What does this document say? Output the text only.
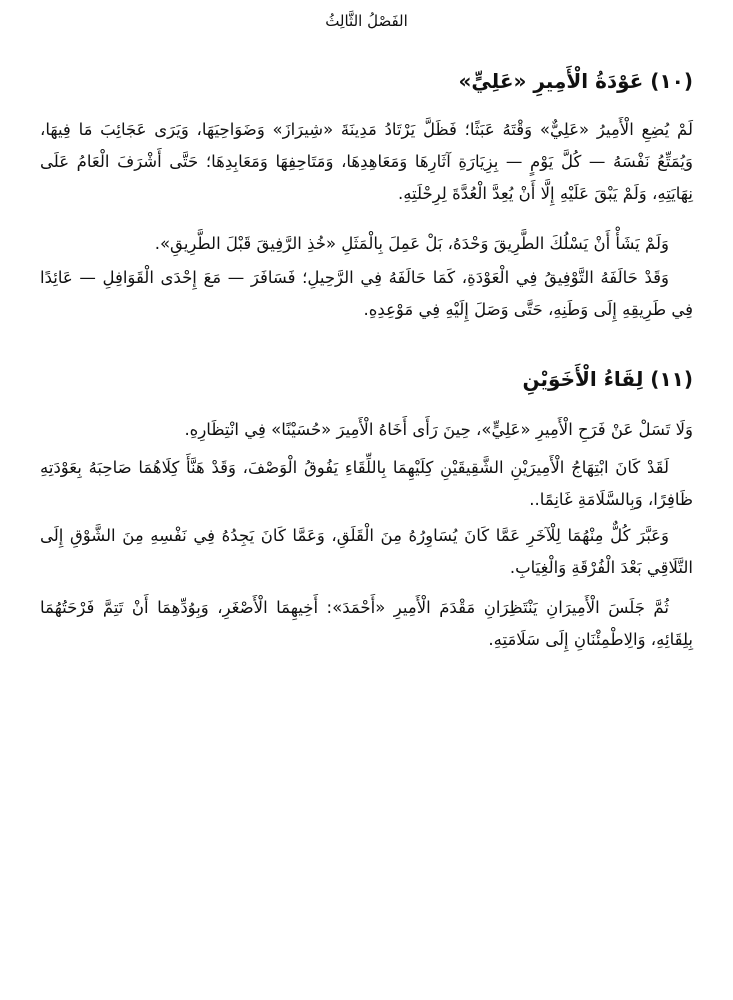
الفَصْلُ الثَّالِثُ
(١٠) عَوْدَةُ الْأَمِيرِ «عَلِيٍّ»

لَمْ يُضِعِ الْأَمِيرُ «عَلِيٌّ» وَقْتَهُ عَبَثًا؛ فَظَلَّ يَرْتَادُ مَدِينَةَ «شِيرَازَ» وَضَوَاحِيَهَا، وَيَرَى عَجَائِبَ مَا فِيهَا، وَيُمَتِّعُ نَفْسَهُ — كُلَّ يَوْمٍ — بِزِيَارَةِ آثَارِهَا وَمَعَاهِدِهَا، وَمَتَاحِفِهَا وَمَعَابِدِهَا؛ حَتَّى أَشْرَفَ الْعَامُ عَلَى نِهَايَتِهِ، وَلَمْ يَبْقَ عَلَيْهِ إِلَّا أَنْ يُعِدَّ الْعُدَّةَ لِرِحْلَتِهِ.

وَلَمْ يَشَأْ أَنْ يَسْلُكَ الطَّرِيقَ وَحْدَهُ، بَلْ عَمِلَ بِالْمَثَلِ «خُذِ الرَّفِيقَ قَبْلَ الطَّرِيقِ».

وَقَدْ حَالَفَهُ التَّوْفِيقُ فِي الْعَوْدَةِ، كَمَا حَالَفَهُ فِي الرَّحِيلِ؛ فَسَافَرَ — مَعَ إِحْدَى الْقَوَافِلِ — عَائِدًا فِي طَرِيقِهِ إِلَى وَطَنِهِ، حَتَّى وَصَلَ إِلَيْهِ فِي مَوْعِدِهِ.

(١١) لِقَاءُ الْأَخَوَيْنِ

وَلَا تَسَلْ عَنْ فَرَحِ الْأَمِيرِ «عَلِيٍّ»، حِينَ رَأَى أَخَاهُ الْأَمِيرَ «حُسَيْنًا» فِي انْتِظَارِهِ.

لَقَدْ كَانَ ابْتِهَاجُ الْأَمِيرَيْنِ الشَّقِيقَيْنِ كِلَيْهِمَا بِاللِّقَاءِ يَفُوقُ الْوَصْفَ، وَقَدْ هَنَّأَ كِلَاهُمَا صَاحِبَهُ بِعَوْدَتِهِ ظَافِرًا، وَبِالسَّلَامَةِ غَانِمًا..

وَعَبَّرَ كُلٌّ مِنْهُمَا لِلْآخَرِ عَمَّا كَانَ يُسَاوِرُهُ مِنَ الْقَلَقِ، وَعَمَّا كَانَ يَجِدُهُ فِي نَفْسِهِ مِنَ الشَّوْقِ إِلَى التَّلَاقِي بَعْدَ الْفُرْقَةِ وَالْغِيَابِ.

ثُمَّ جَلَسَ الْأَمِيرَانِ يَنْتَظِرَانِ مَقْدَمَ الْأَمِيرِ «أَحْمَدَ»: أَخِيهِمَا الْأَصْغَرِ، وَبِوُدِّهِمَا أَنْ تَتِمَّ فَرْحَتُهُمَا بِلِقَائِهِ، وَالِاطْمِئْنَانِ إِلَى سَلَامَتِهِ.
